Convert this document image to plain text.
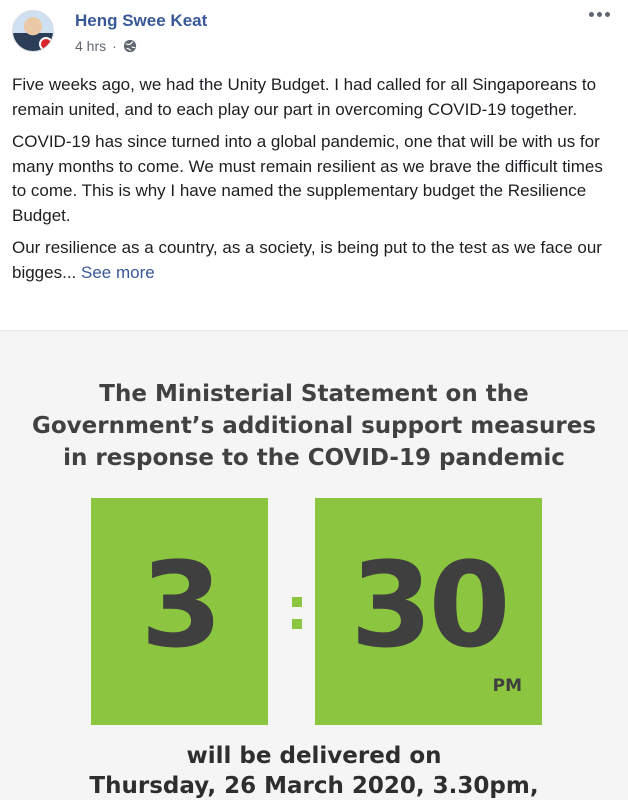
Heng Swee Keat
4 hrs ·

Five weeks ago, we had the Unity Budget. I had called for all Singaporeans to remain united, and to each play our part in overcoming COVID-19 together.

COVID-19 has since turned into a global pandemic, one that will be with us for many months to come. We must remain resilient as we brave the difficult times to come. This is why I have named the supplementary budget the Resilience Budget.

Our resilience as a country, as a society, is being put to the test as we face our bigges... See more

The Ministerial Statement on the
Government’s additional support measures
in response to the COVID-19 pandemic
3	30
PM
will be delivered on
Thursday, 26 March 2020, 3.30pm,
